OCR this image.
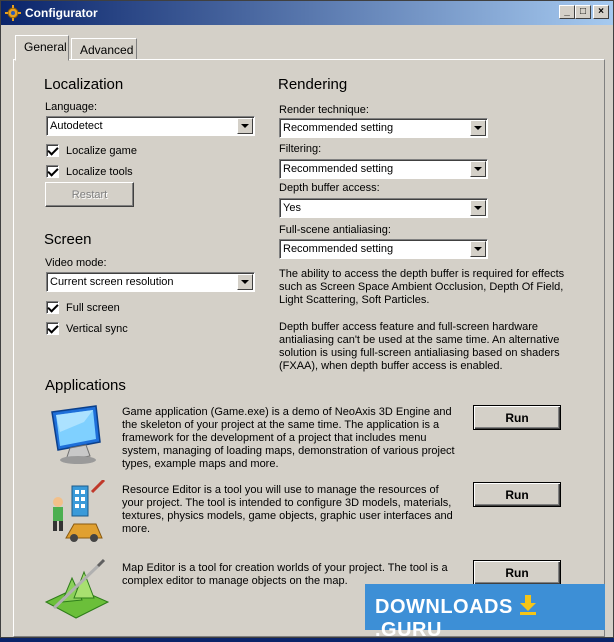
Configurator	_	□	×
General	Advanced
Localization
Language:
Autodetect
Localize game
Localize tools
Restart
Screen
Video mode:
Current screen resolution
Full screen
Vertical sync
Rendering
Render technique:
Recommended setting
Filtering:
Recommended setting
Depth buffer access:
Yes
Full-scene antialiasing:
Recommended setting
The ability to access the depth buffer is required for effects such as Screen Space Ambient Occlusion, Depth Of Field, Light Scattering, Soft Particles.
Depth buffer access feature and full-screen hardware antialiasing can't be used at the same time. An alternative solution is using full-screen antialiasing based on shaders (FXAA), when depth buffer access is enabled.
Applications
Game application (Game.exe) is a demo of NeoAxis 3D Engine and the skeleton of your project at the same time. The application is a framework for the development of a project that includes menu system, managing of loading maps, demonstration of various project types, example maps and more.
Run
Resource Editor is a tool you will use to manage the resources of your project. The tool is intended to configure 3D models, materials, textures, physics models, game objects, graphic user interfaces and more.
Run
Map Editor is a tool for creation worlds of your project. The tool is a complex editor to manage objects on the map.
Run
DOWNLOADS  .GURU
